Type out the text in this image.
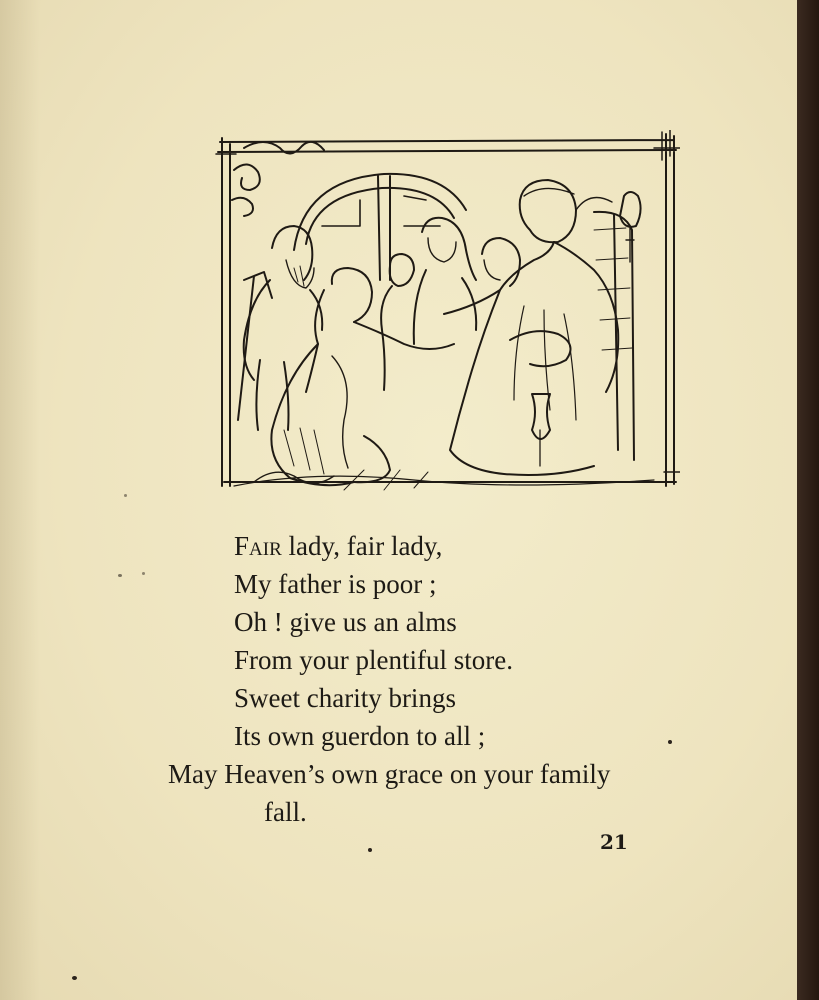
Fair lady, fair lady,
My father is poor ;
Oh ! give us an alms
From your plentiful store.
Sweet charity brings
Its own guerdon to all ;
May Heaven’s own grace on your family
fall.
21
